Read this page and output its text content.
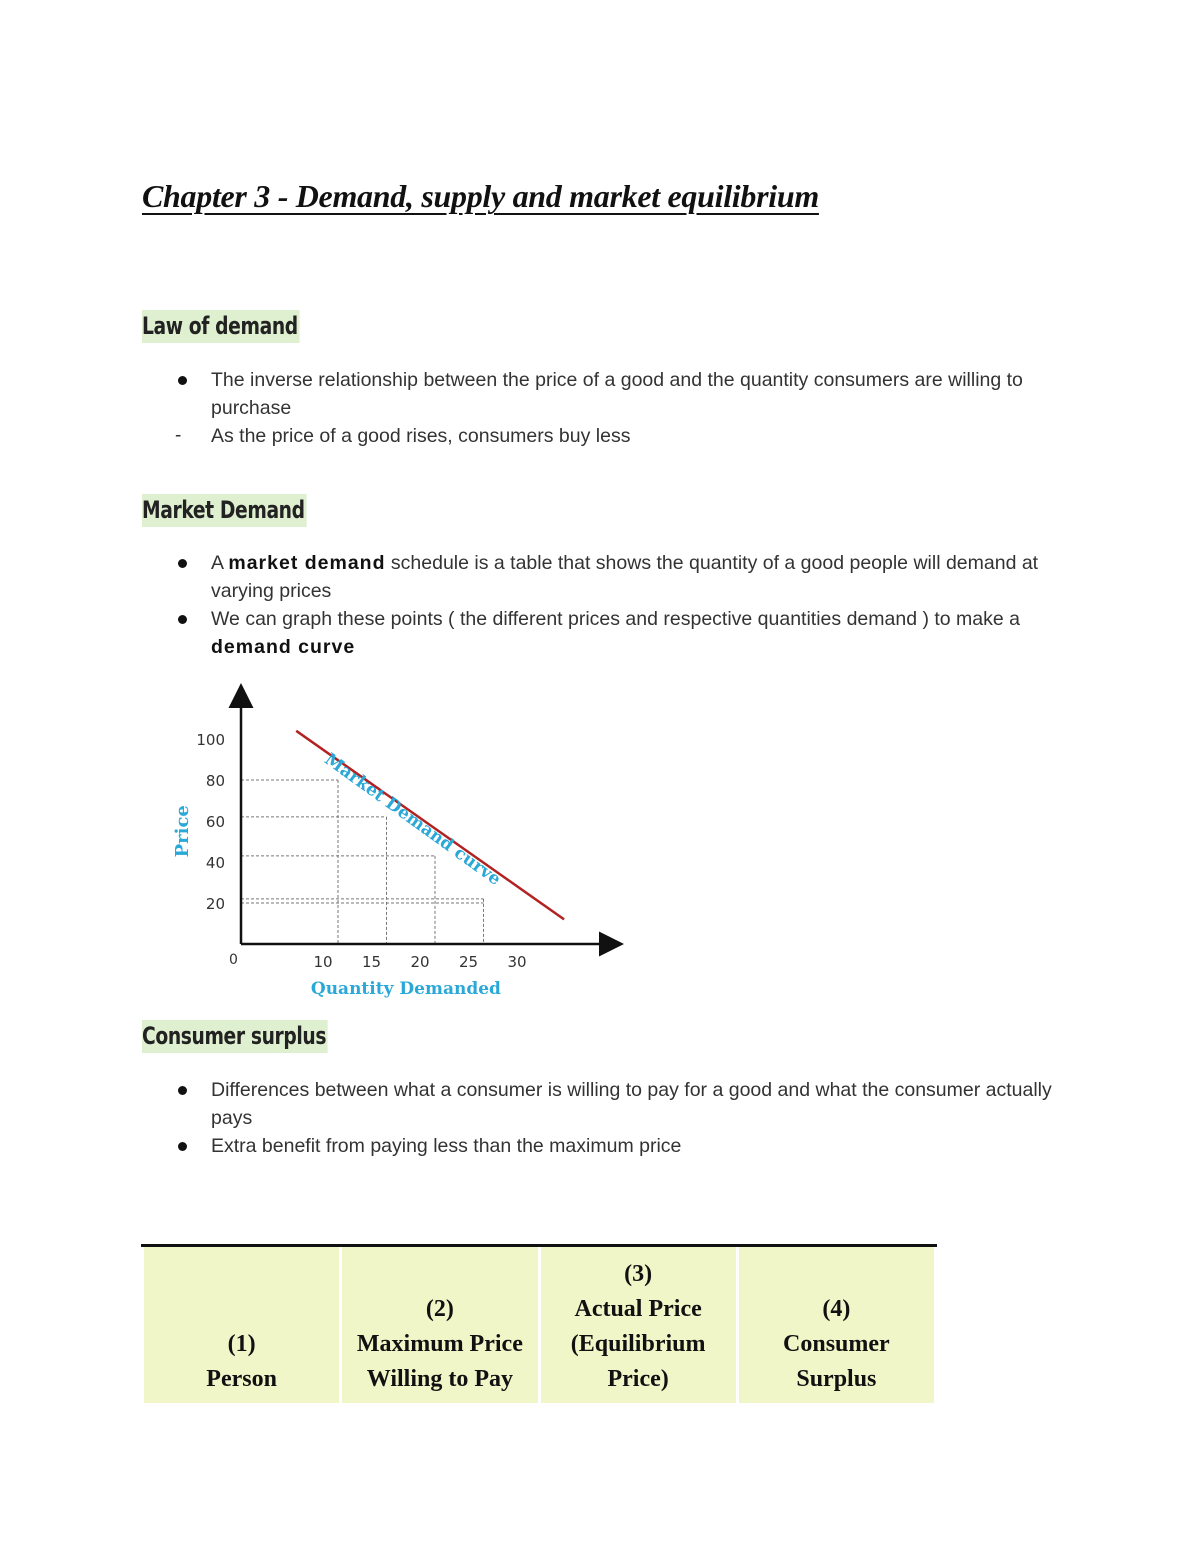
Chapter 3 - Demand, supply and market equilibrium
Law of demand
The inverse relationship between the price of a good and the quantity consumers are willing to purchase
- As the price of a good rises, consumers buy less
Market Demand
A market demand schedule is a table that shows the quantity of a good people will demand at varying prices
We can graph these points ( the different prices and respective quantities demand ) to make a demand curve
20
40
60
80
100
10 15 20 25 30
Market Demand curve
0
Quantity Demanded
Price
Consumer surplus
Differences between what a consumer is willing to pay for a good and what the consumer actually pays
Extra benefit from paying less than the maximum price
(1)
Person

(2)
Maximum Price
Willing to Pay

(3)
Actual Price
(Equilibrium
Price)

(4)
Consumer
Surplus
